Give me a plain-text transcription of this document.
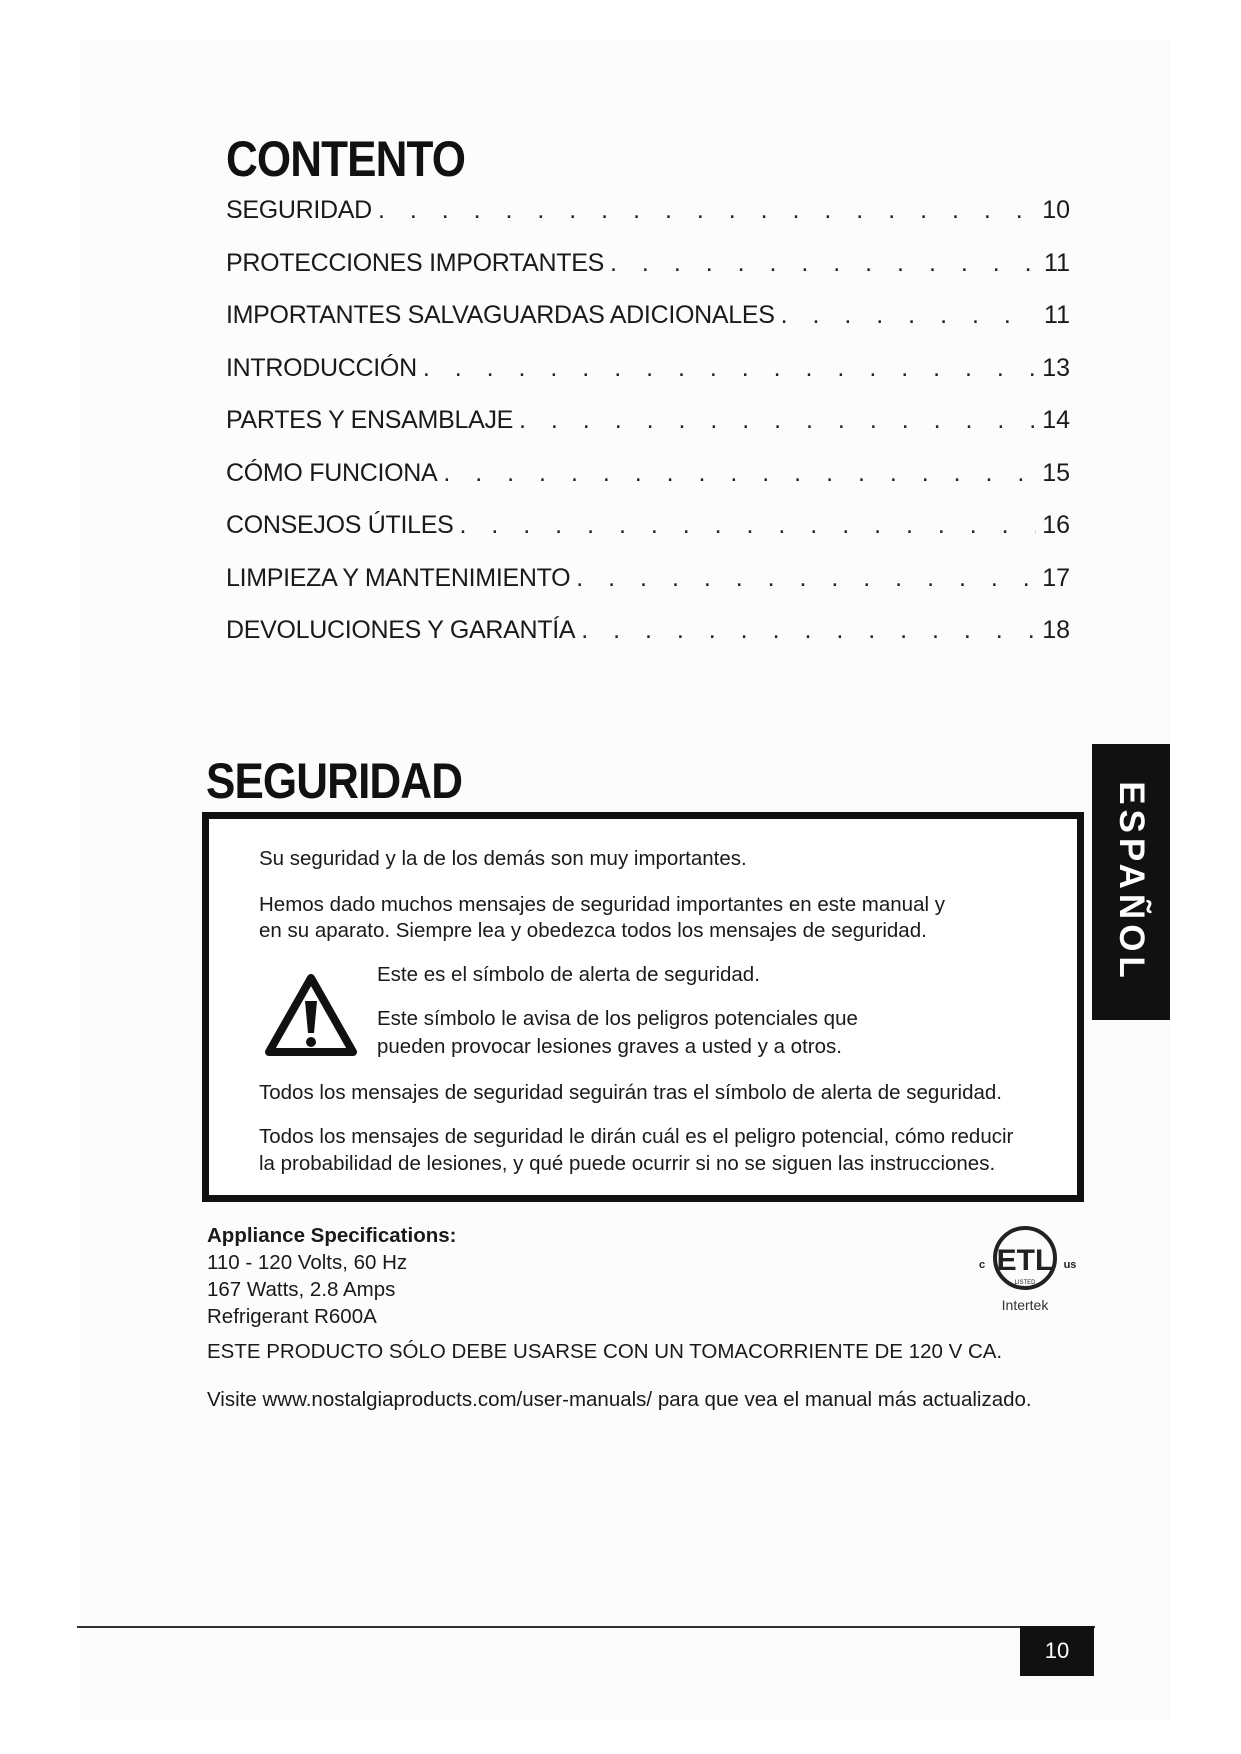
CONTENTO
SEGURIDAD . . .	10
PROTECCIONES IMPORTANTES . . .	11
IMPORTANTES SALVAGUARDAS ADICIONALES . . .	11
INTRODUCCIÓN . . .	13
PARTES Y ENSAMBLAJE . . .	14
CÓMO FUNCIONA . . .	15
CONSEJOS ÚTILES . . .	16
LIMPIEZA Y MANTENIMIENTO . . .	17
DEVOLUCIONES Y GARANTÍA . . .	18
SEGURIDAD
ESPAÑOL
Su seguridad y la de los demás son muy importantes.
Hemos dado muchos mensajes de seguridad importantes en este manual y
en su aparato. Siempre lea y obedezca todos los mensajes de seguridad.
Este es el símbolo de alerta de seguridad.
Este símbolo le avisa de los peligros potenciales que
pueden provocar lesiones graves a usted y a otros.
Todos los mensajes de seguridad seguirán tras el símbolo de alerta de seguridad.
Todos los mensajes de seguridad le dirán cuál es el peligro potencial, cómo reducir
la probabilidad de lesiones, y qué puede ocurrir si no se siguen las instrucciones.
Appliance Specifications:
110 - 120 Volts, 60 Hz
167 Watts, 2.8 Amps
Refrigerant R600A
ETL
LISTED
c	us
Intertek
ESTE PRODUCTO SÓLO DEBE USARSE CON UN TOMACORRIENTE DE 120 V CA.
Visite www.nostalgiaproducts.com/user-manuals/ para que vea el manual más actualizado.
10
